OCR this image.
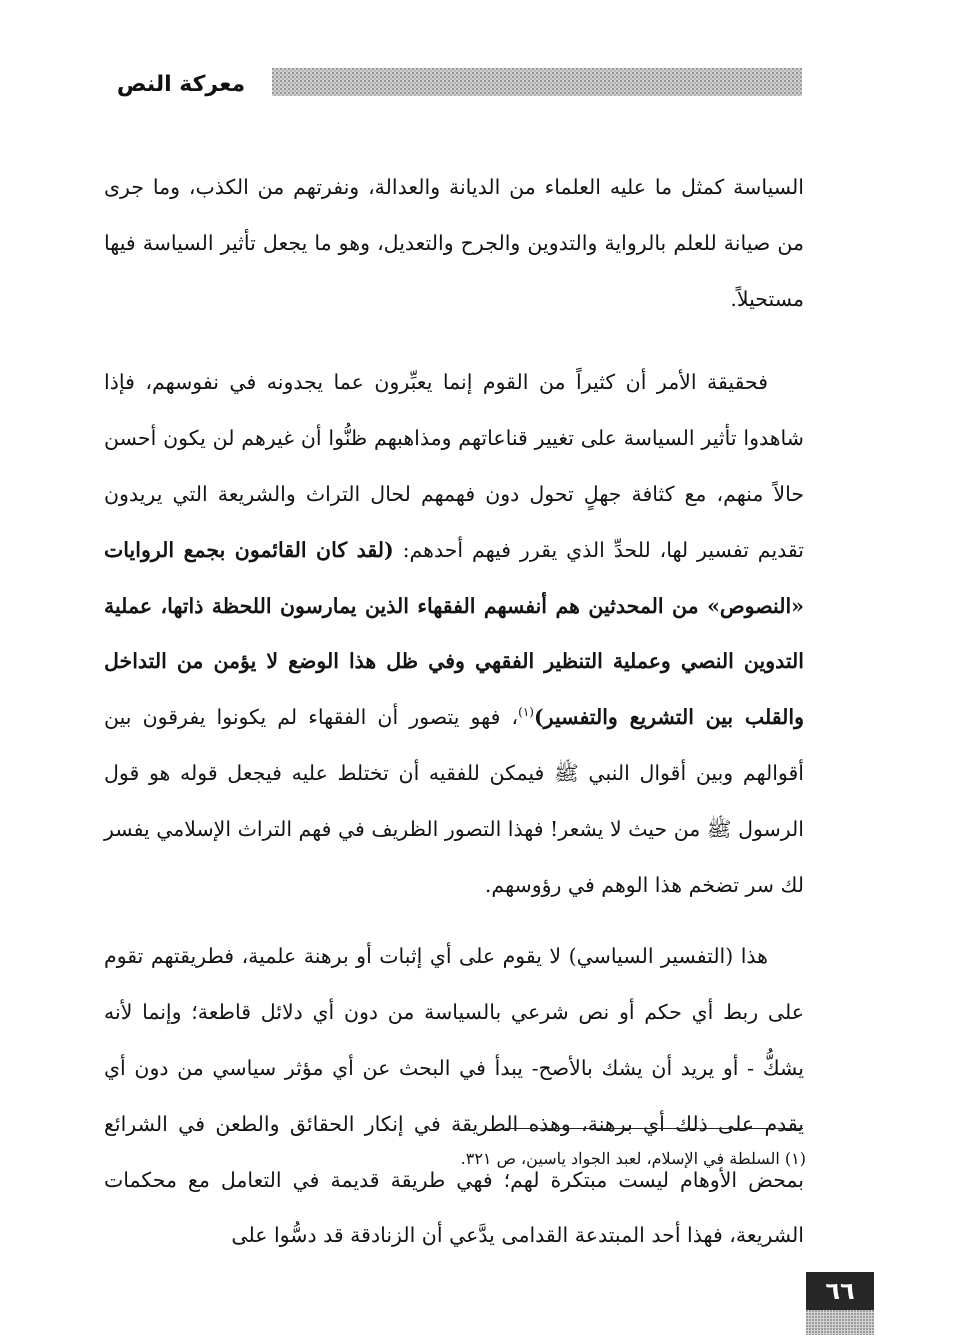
معركة النص

السياسة كمثل ما عليه العلماء من الديانة والعدالة، ونفرتهم من الكذب، وما جرى من صيانة للعلم بالرواية والتدوين والجرح والتعديل، وهو ما يجعل تأثير السياسة فيها مستحيلاً.

فحقيقة الأمر أن كثيراً من القوم إنما يعبِّرون عما يجدونه في نفوسهم، فإذا شاهدوا تأثير السياسة على تغيير قناعاتهم ومذاهبهم ظنُّوا أن غيرهم لن يكون أحسن حالاً منهم، مع كثافة جهلٍ تحول دون فهمهم لحال التراث والشريعة التي يريدون تقديم تفسير لها، للحدِّ الذي يقرر فيهم أحدهم: (لقد كان القائمون بجمع الروايات «النصوص» من المحدثين هم أنفسهم الفقهاء الذين يمارسون اللحظة ذاتها، عملية التدوين النصي وعملية التنظير الفقهي وفي ظل هذا الوضع لا يؤمن من التداخل والقلب بين التشريع والتفسير)$^{(١)}$، فهو يتصور أن الفقهاء لم يكونوا يفرقون بين أقوالهم وبين أقوال النبي ﷺ فيمكن للفقيه أن تختلط عليه فيجعل قوله هو قول الرسول ﷺ من حيث لا يشعر! فهذا التصور الظريف في فهم التراث الإسلامي يفسر لك سر تضخم هذا الوهم في رؤوسهم.

هذا (التفسير السياسي) لا يقوم على أي إثبات أو برهنة علمية، فطريقتهم تقوم على ربط أي حكم أو نص شرعي بالسياسة من دون أي دلائل قاطعة؛ وإنما لأنه يشكُّ - أو يريد أن يشك بالأصح- يبدأ في البحث عن أي مؤثر سياسي من دون أي يقدم على ذلك أي برهنة، وهذه الطريقة في إنكار الحقائق والطعن في الشرائع بمحض الأوهام ليست مبتكرة لهم؛ فهي طريقة قديمة في التعامل مع محكمات الشريعة، فهذا أحد المبتدعة القدامى يدَّعي أن الزنادقة قد دسُّوا على

(١) السلطة في الإسلام، لعبد الجواد ياسين، ص ٣٢١.
٦٦
